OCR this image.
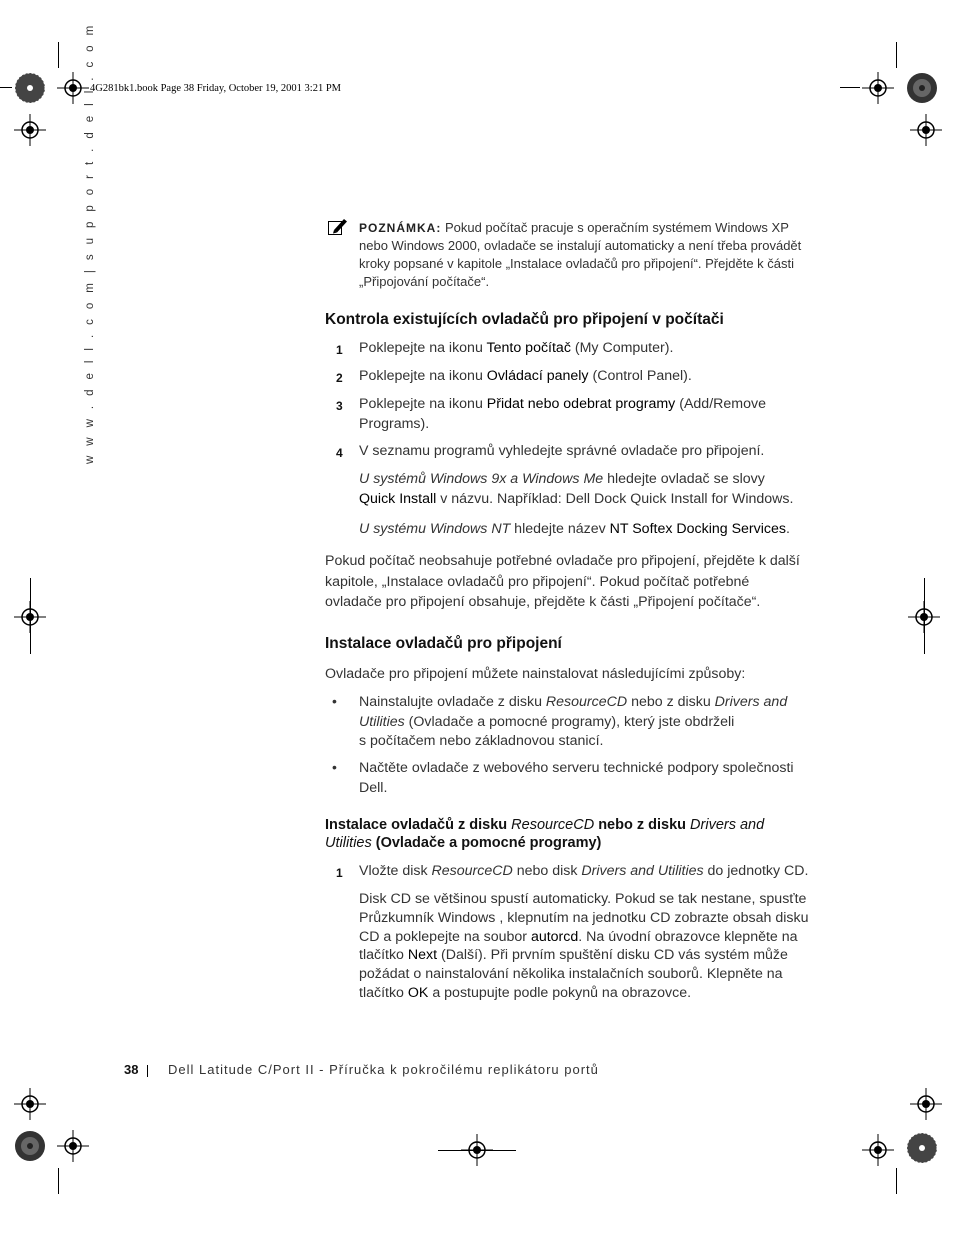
4G281bk1.book Page 38 Friday, October 19, 2001 3:21 PM
w w w . d e l l . c o m | s u p p o r t . d e l l . c o m	POZNÁMKA: Pokud počítač pracuje s operačním systémem Windows XP
nebo Windows 2000, ovladače se instalují automaticky a není třeba provádět
kroky popsané v kapitole „Instalace ovladačů pro připojení“. Přejděte k části
„Připojování počítače“.
Kontrola existujících ovladačů pro připojení v počítači
1 Poklepejte na ikonu Tento počítač (My Computer).
2 Poklepejte na ikonu Ovládací panely (Control Panel).
3 Poklepejte na ikonu Přidat nebo odebrat programy (Add/Remove
Programs).
4 V seznamu programů vyhledejte správné ovladače pro připojení.
U systémů Windows 9x a Windows Me hledejte ovladač se slovy
Quick Install v názvu. Například: Dell Dock Quick Install for Windows.
U systému Windows NT hledejte název NT Softex Docking Services.
Pokud počítač neobsahuje potřebné ovladače pro připojení, přejděte k další
kapitole, „Instalace ovladačů pro připojení“. Pokud počítač potřebné
ovladače pro připojení obsahuje, přejděte k části „Připojení počítače“.
Instalace ovladačů pro připojení
Ovladače pro připojení můžete nainstalovat následujícími způsoby:
• Nainstalujte ovladače z disku ResourceCD nebo z disku Drivers and
Utilities (Ovladače a pomocné programy), který jste obdrželi
s počítačem nebo základnovou stanicí.
• Načtěte ovladače z webového serveru technické podpory společnosti
Dell.
Instalace ovladačů z disku ResourceCD nebo z disku Drivers and
Utilities (Ovladače a pomocné programy)
1 Vložte disk ResourceCD nebo disk Drivers and Utilities do jednotky CD.
Disk CD se většinou spustí automaticky. Pokud se tak nestane, spusťte
Průzkumník Windows , klepnutím na jednotku CD zobrazte obsah disku
CD a poklepejte na soubor autorcd. Na úvodní obrazovce klepněte na
tlačítko Next (Další). Při prvním spuštění disku CD vás systém může
požádat o nainstalování několika instalačních souborů. Klepněte na
tlačítko OK a postupujte podle pokynů na obrazovce.
38 Dell Latitude C/Port II - Příručka k pokročilému replikátoru portů
